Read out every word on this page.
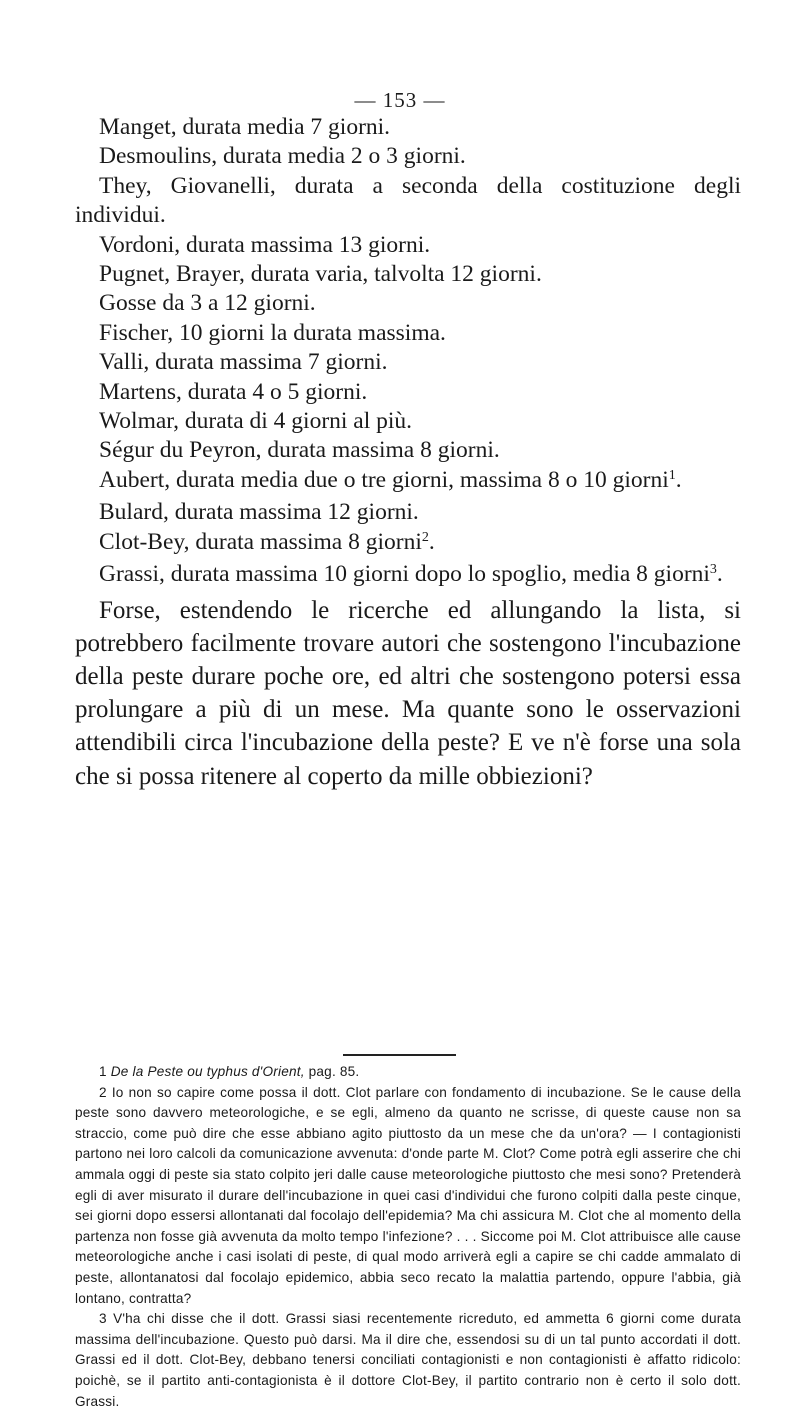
— 153 —

Manget, durata media 7 giorni.

Desmoulins, durata media 2 o 3 giorni.

They, Giovanelli, durata a seconda della costituzione degli individui.

Vordoni, durata massima 13 giorni.

Pugnet, Brayer, durata varia, talvolta 12 giorni.

Gosse da 3 a 12 giorni.

Fischer, 10 giorni la durata massima.

Valli, durata massima 7 giorni.

Martens, durata 4 o 5 giorni.

Wolmar, durata di 4 giorni al più.

Ségur du Peyron, durata massima 8 giorni.

Aubert, durata media due o tre giorni, massima 8 o 10 giorni$^1$.

Bulard, durata massima 12 giorni.

Clot-Bey, durata massima 8 giorni$^2$.

Grassi, durata massima 10 giorni dopo lo spoglio, media 8 giorni$^3$.

Forse, estendendo le ricerche ed allungando la lista, si potrebbero facilmente trovare autori che sostengono l'incubazione della peste durare poche ore, ed altri che sostengono potersi essa prolungare a più di un mese. Ma quante sono le osservazioni attendibili circa l'incubazione della peste? E ve n'è forse una sola che si possa ritenere al coperto da mille obbiezioni?

1 De la Peste ou typhus d'Orient, pag. 85.

2 Io non so capire come possa il dott. Clot parlare con fondamento di incubazione. Se le cause della peste sono davvero meteorologiche, e se egli, almeno da quanto ne scrisse, di queste cause non sa straccio, come può dire che esse abbiano agito piuttosto da un mese che da un'ora? — I contagionisti partono nei loro calcoli da comunicazione avvenuta: d'onde parte M. Clot? Come potrà egli asserire che chi ammala oggi di peste sia stato colpito jeri dalle cause meteorologiche piuttosto che mesi sono? Pretenderà egli di aver misurato il durare dell'incubazione in quei casi d'individui che furono colpiti dalla peste cinque, sei giorni dopo essersi allontanati dal focolajo dell'epidemia? Ma chi assicura M. Clot che al momento della partenza non fosse già avvenuta da molto tempo l'infezione? . . . Siccome poi M. Clot attribuisce alle cause meteorologiche anche i casi isolati di peste, di qual modo arriverà egli a capire se chi cadde ammalato di peste, allontanatosi dal focolajo epidemico, abbia seco recato la malattia partendo, oppure l'abbia, già lontano, contratta?

3 V'ha chi disse che il dott. Grassi siasi recentemente ricreduto, ed ammetta 6 giorni come durata massima dell'incubazione. Questo può darsi. Ma il dire che, essendosi su di un tal punto accordati il dott. Grassi ed il dott. Clot-Bey, debbano tenersi conciliati contagionisti e non contagionisti è affatto ridicolo: poichè, se il partito anti-contagionista è il dottore Clot-Bey, il partito contrario non è certo il solo dott. Grassi.
